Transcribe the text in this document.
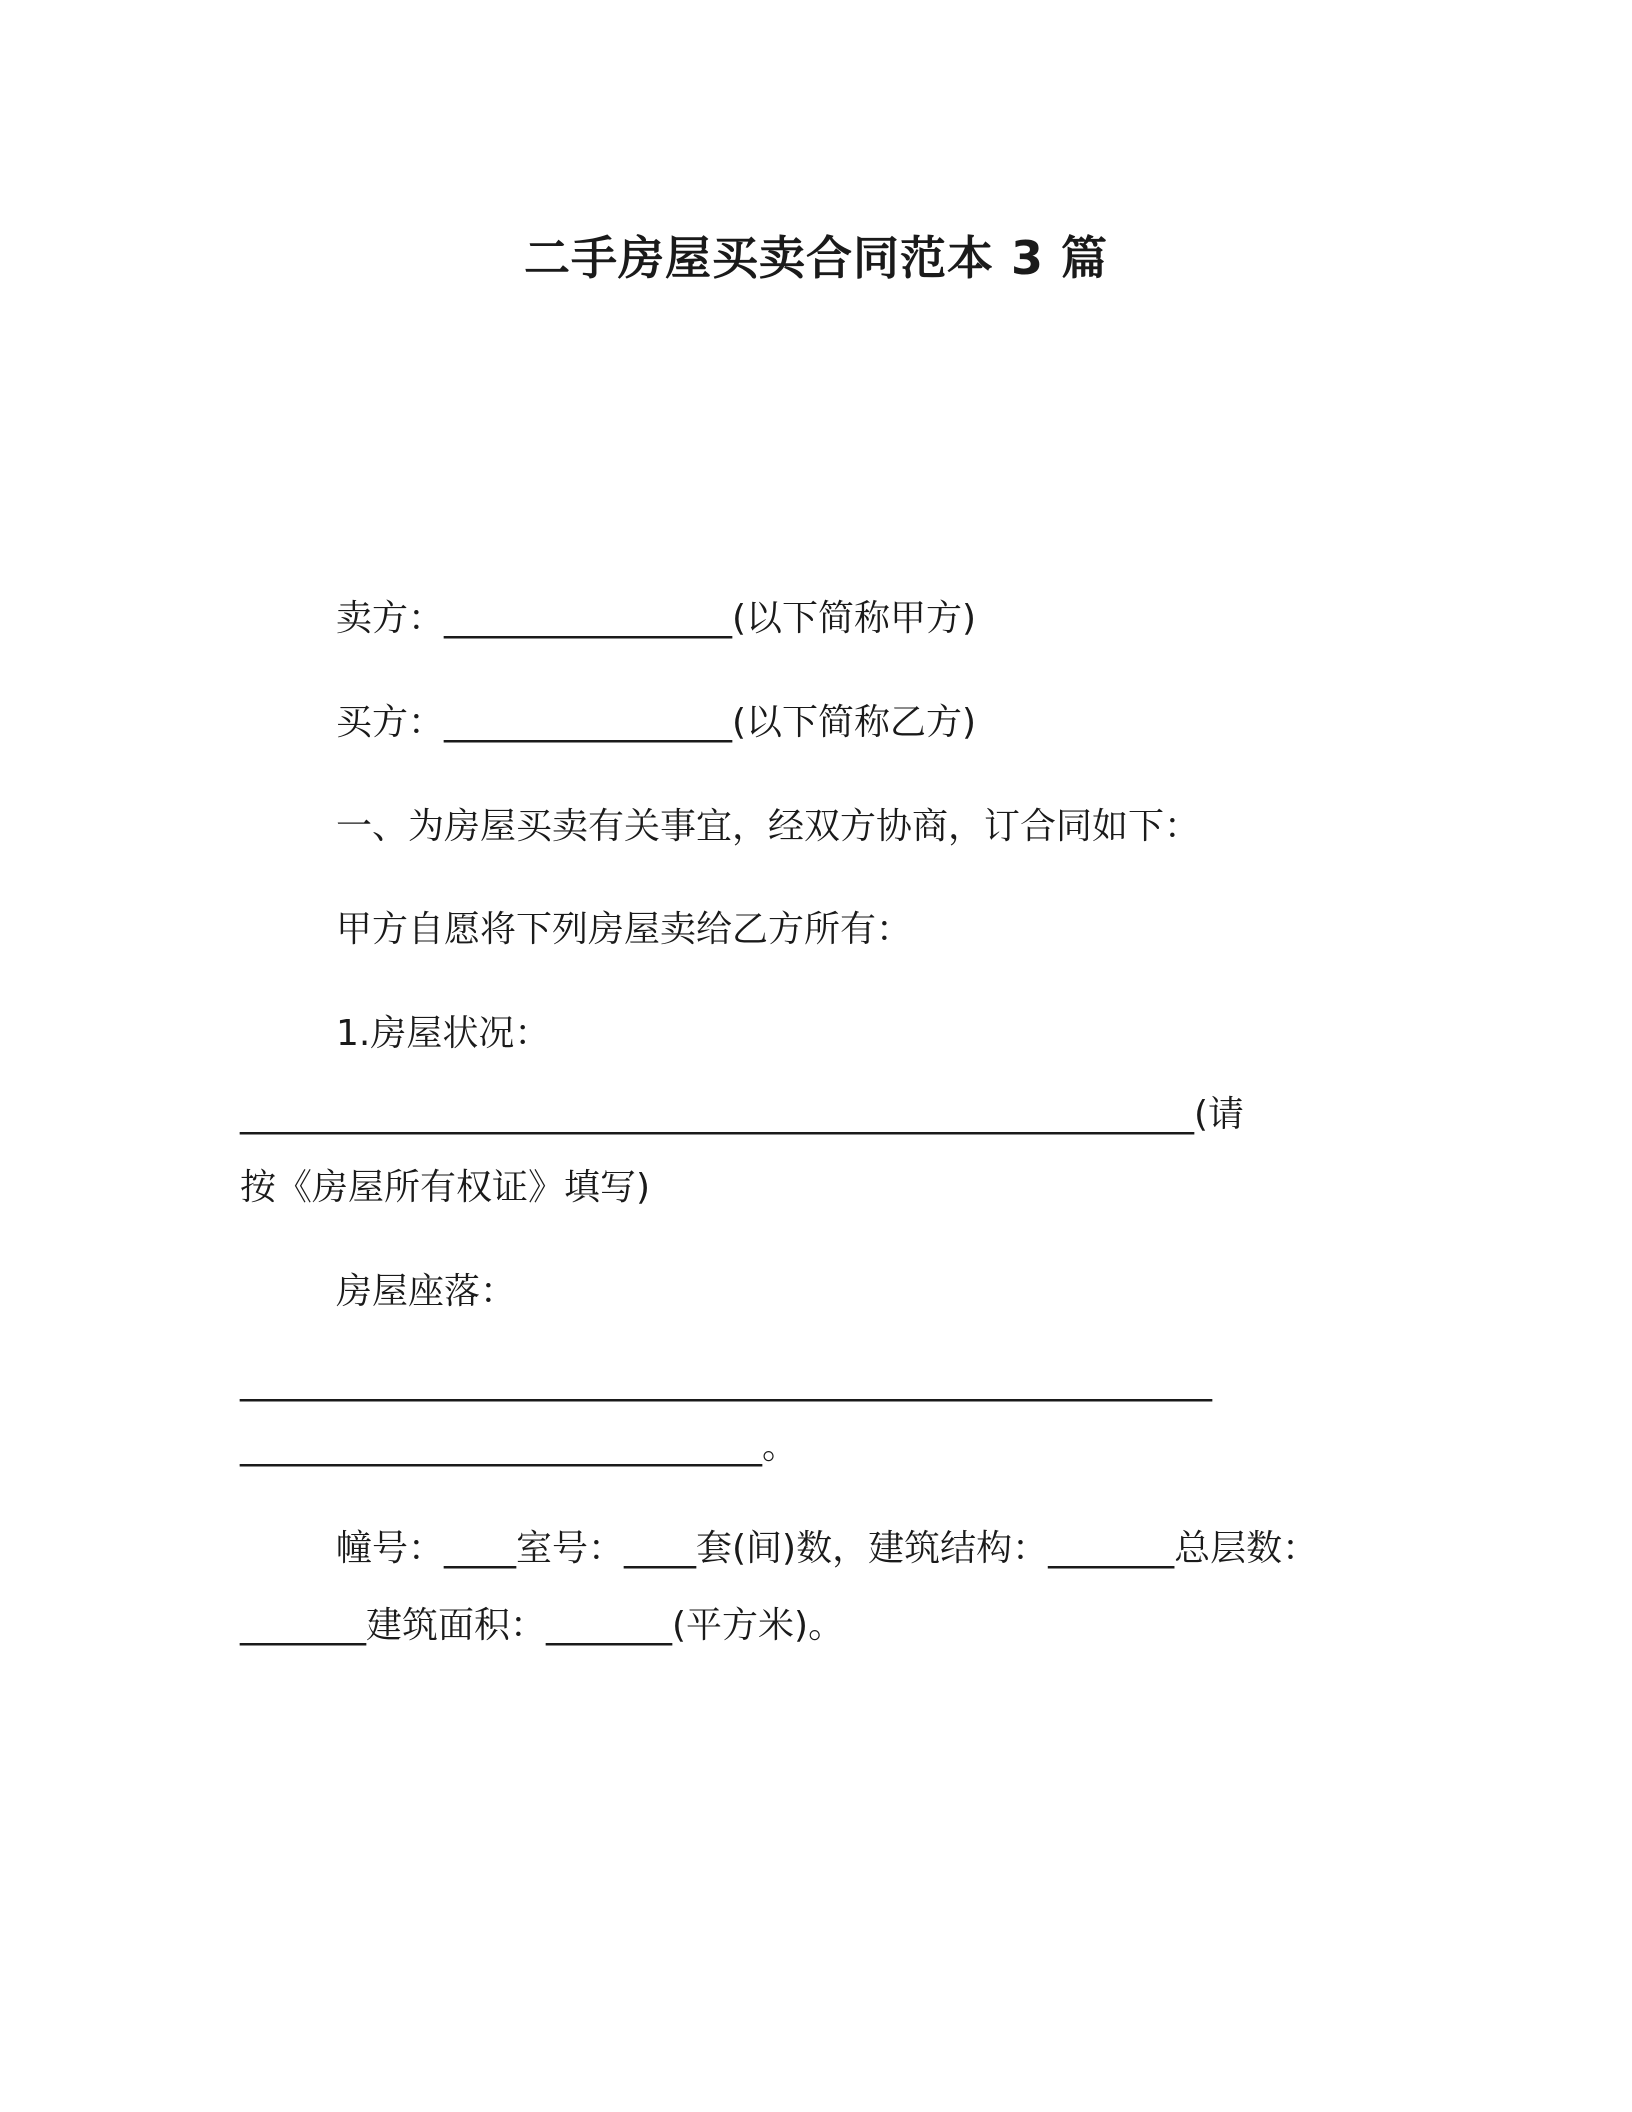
二手房屋买卖合同范本 3 篇
卖方：________________(以下简称甲方)
买方：________________(以下简称乙方)
一、为房屋买卖有关事宜，经双方协商，订合同如下：
甲方自愿将下列房屋卖给乙方所有：
1.房屋状况：
_____________________________________________________(请
按《房屋所有权证》填写)
房屋座落：
______________________________________________________
_____________________________。
幢号：____室号：____套(间)数，建筑结构：_______总层数：
_______建筑面积：_______(平方米)。
